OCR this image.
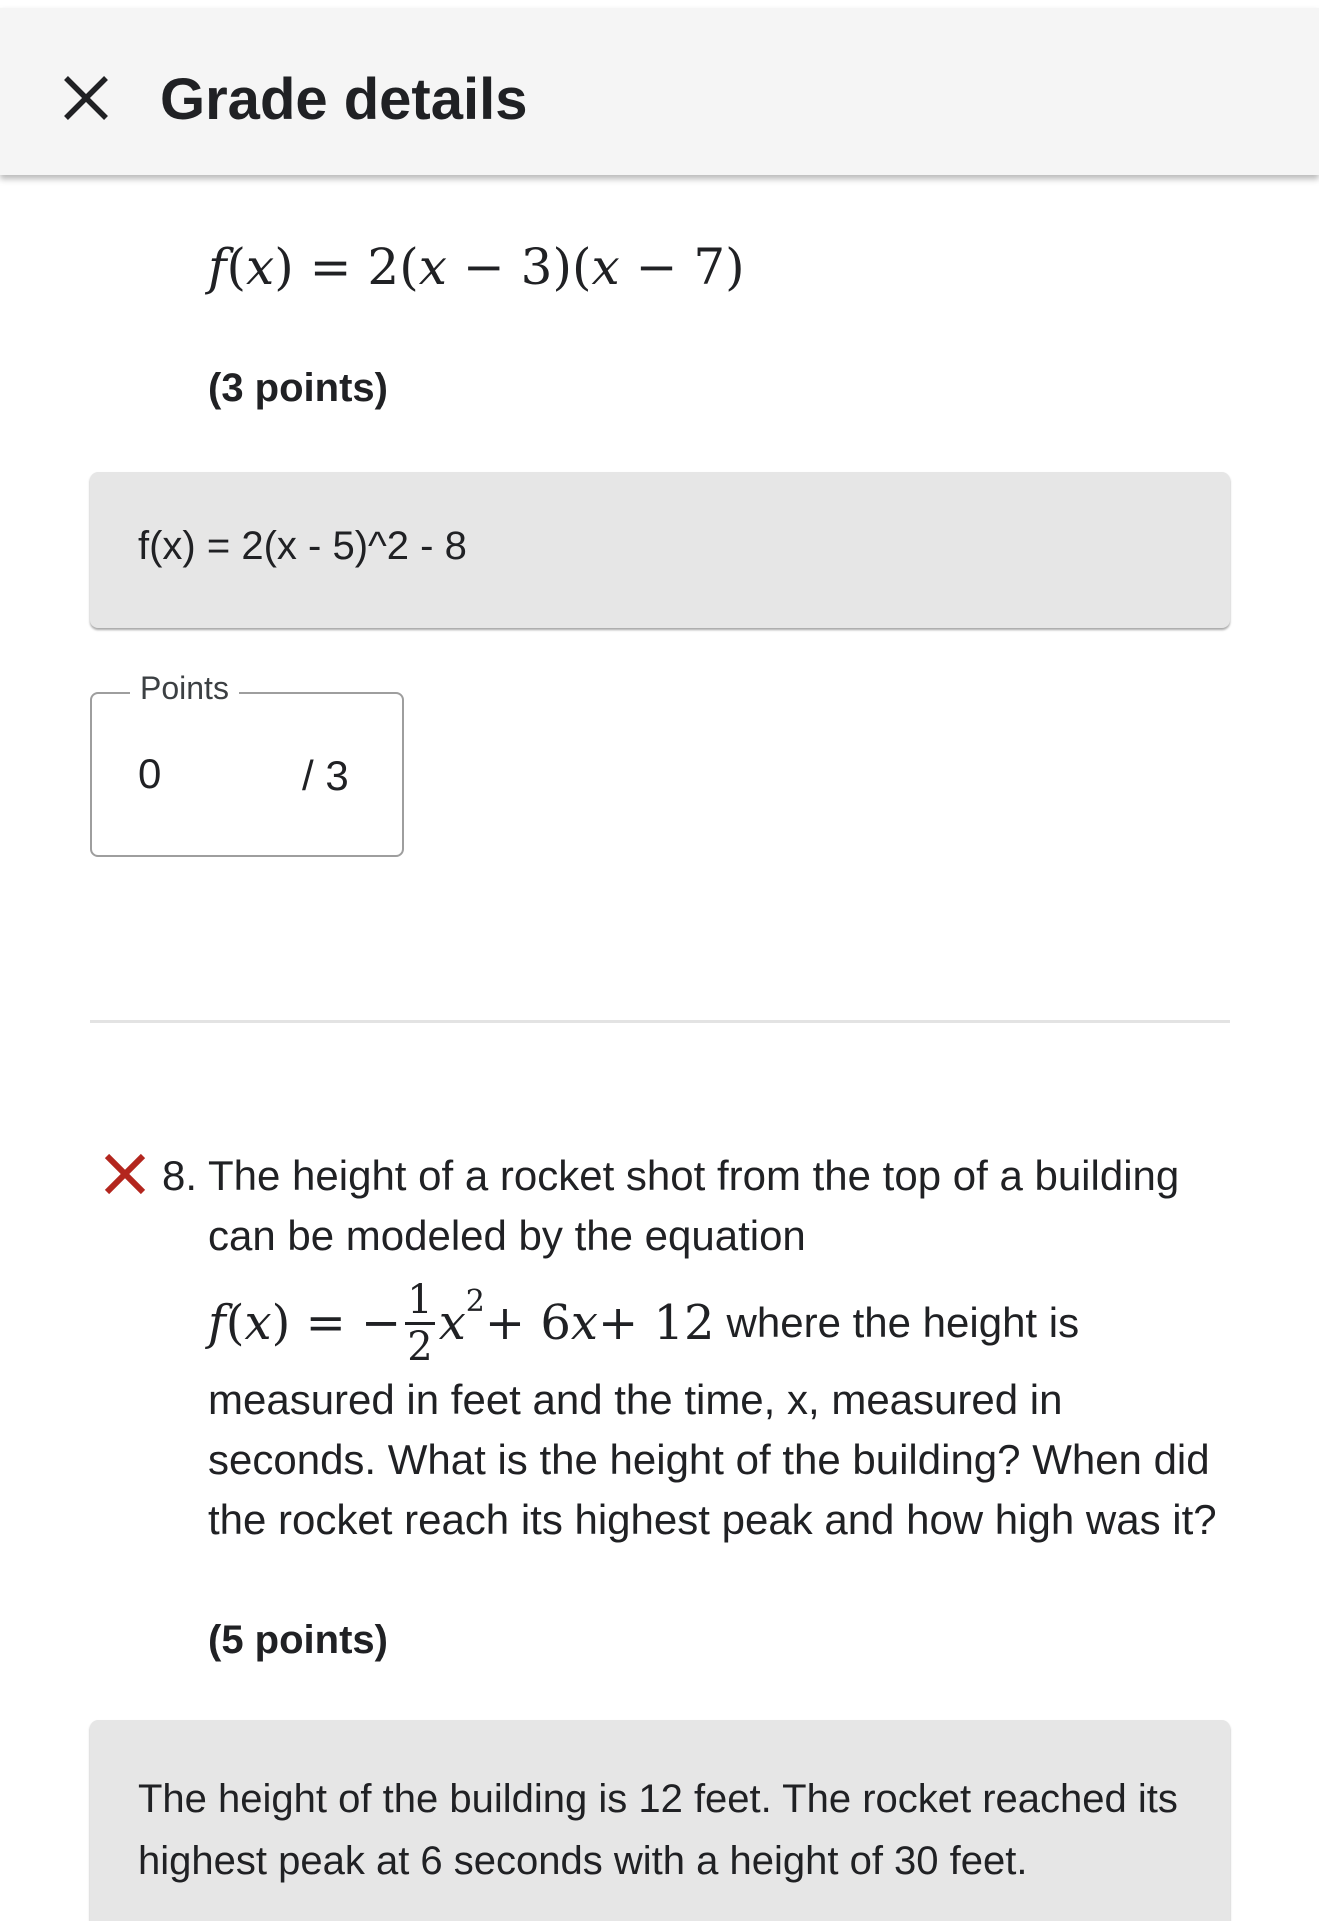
Grade details
f(x) = 2(x − 3)(x − 7)
(3 points)
f(x) = 2(x - 5)^2 - 8
0
/ 3
Points
8. The height of a rocket shot from the top of a building
can be modeled by the equation
f ( x ) = − $\frac{1}{2}$ x 2 + 6 x + 12 where the height is
measured in feet and the time, x, measured in
seconds. What is the height of the building? When did
the rocket reach its highest peak and how high was it?
(5 points)
The height of the building is 12 feet. The rocket reached its highest peak at 6 seconds with a height of 30 feet.
